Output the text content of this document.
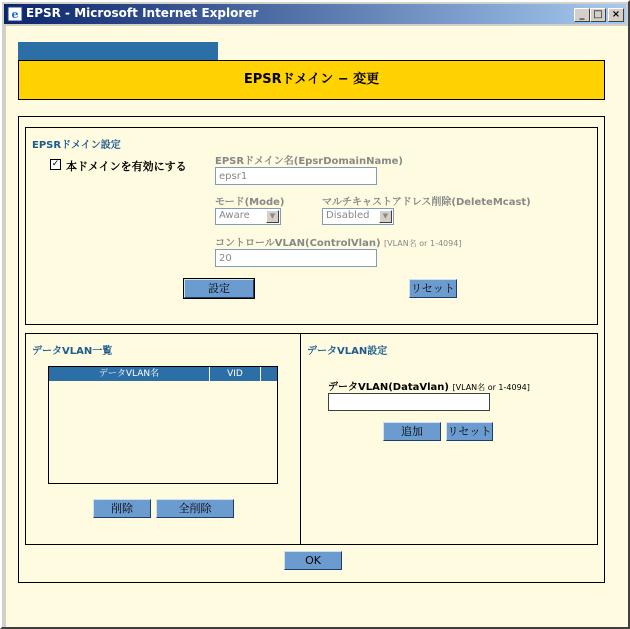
e EPSR - Microsoft Internet Explorer	_ □ ×
EPSRドメイン − 変更
EPSRドメイン設定
✓ 本ドメインを有効にする	EPSRドメイン名(EpsrDomainName)
epsr1
モード(Mode)
Aware	▼
マルチキャストアドレス削除(DeleteMcast)
Disabled	▼
コントロールVLAN(ControlVlan) [VLAN名 or 1-4094]
20
設定	リセット
データVLAN一覧
データVLAN名	VID
削除	全削除
データVLAN設定
データVLAN(DataVlan) [VLAN名 or 1-4094]
追加	リセット
OK
